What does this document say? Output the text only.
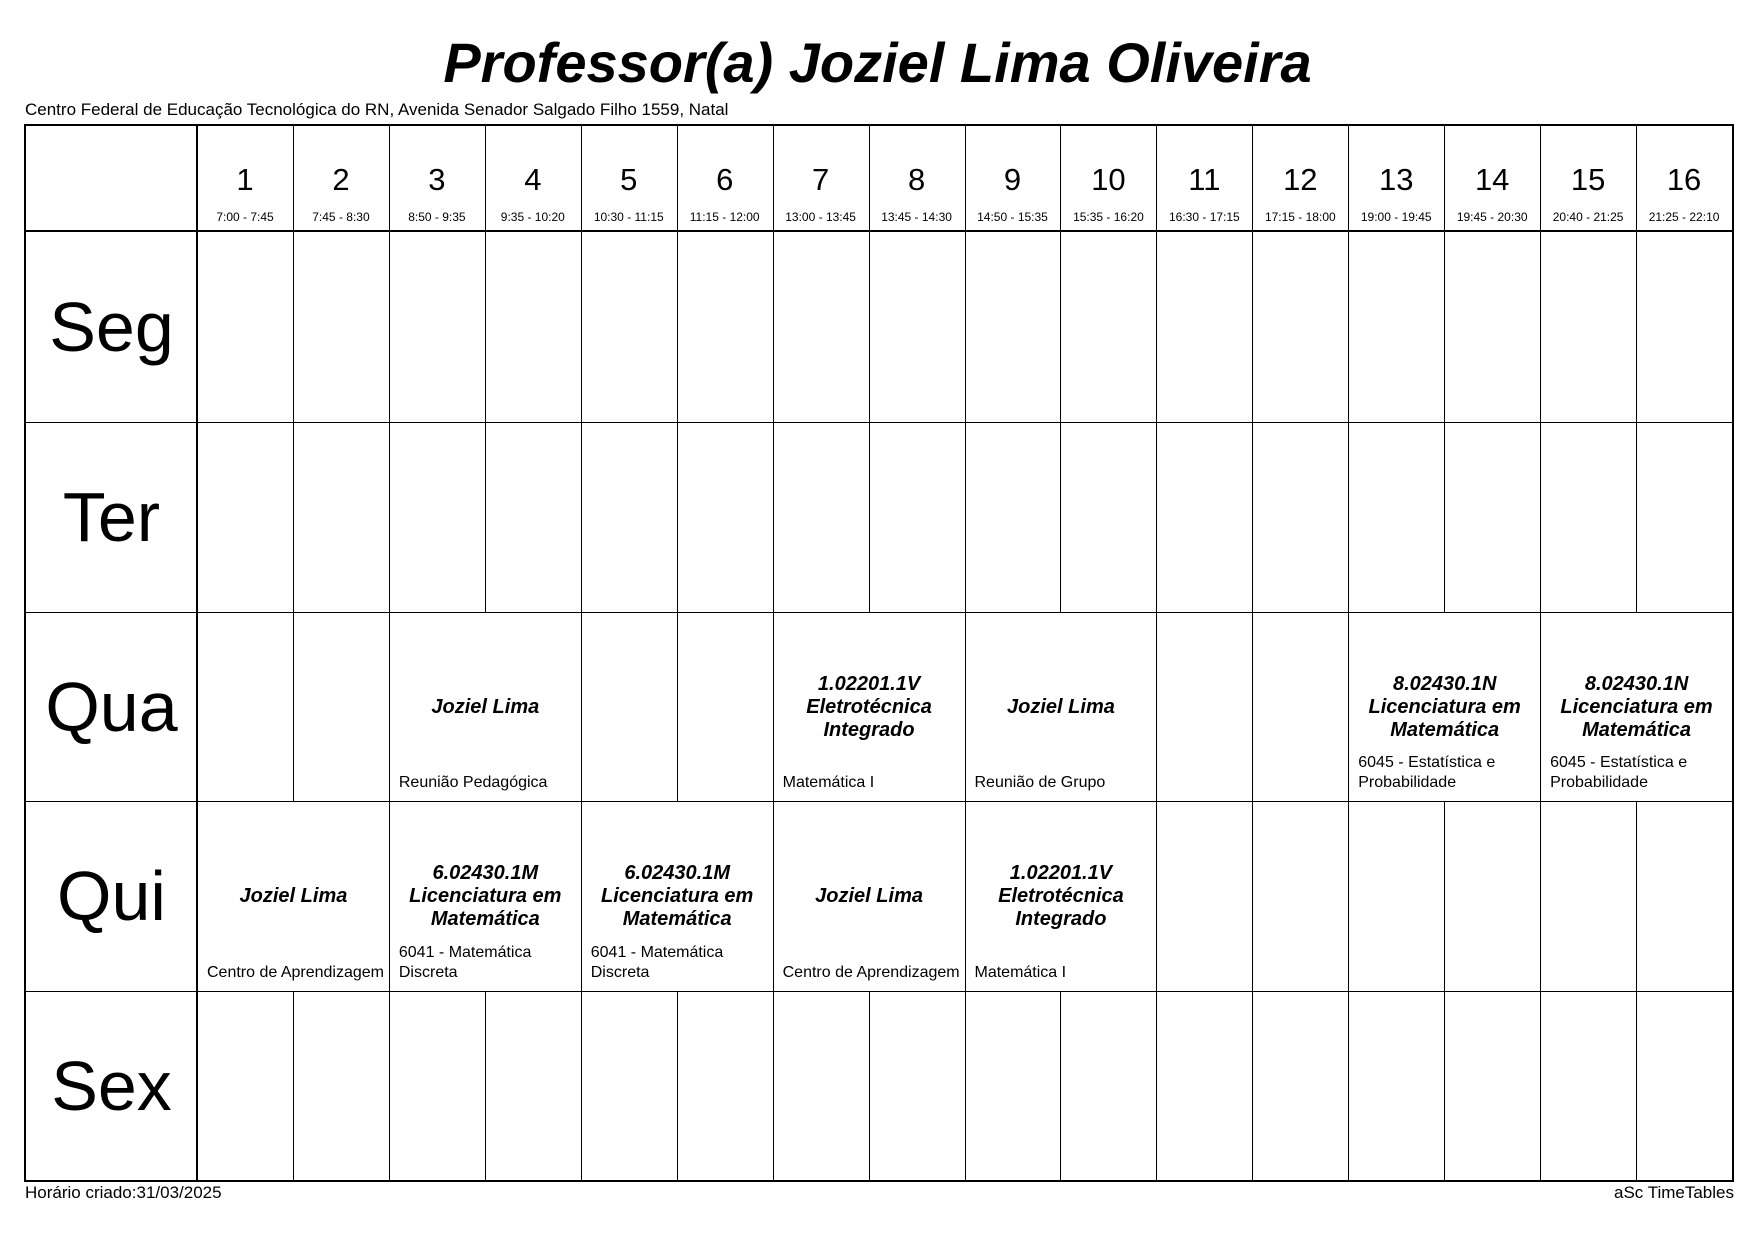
Professor(a) Joziel Lima Oliveira
Centro Federal de Educação Tecnológica do RN, Avenida Senador Salgado Filho 1559, Natal
1
7:00 - 7:45
2
7:45 - 8:30
3
8:50 - 9:35
4
9:35 - 10:20
5
10:30 - 11:15
6
11:15 - 12:00
7
13:00 - 13:45
8
13:45 - 14:30
9
14:50 - 15:35
10
15:35 - 16:20
11
16:30 - 17:15
12
17:15 - 18:00
13
19:00 - 19:45
14
19:45 - 20:30
15
20:40 - 21:25
16
21:25 - 22:10
Seg
Ter
Qua
Qui
Sex
Joziel Lima
Reunião Pedagógica
1.02201.1V
Eletrotécnica
Integrado
Matemática I
Joziel Lima
Reunião de Grupo
8.02430.1N
Licenciatura em
Matemática
6045 - Estatística e Probabilidade
8.02430.1N
Licenciatura em
Matemática
6045 - Estatística e Probabilidade
Joziel Lima
Centro de Aprendizagem
6.02430.1M
Licenciatura em
Matemática
6041 - Matemática Discreta
6.02430.1M
Licenciatura em
Matemática
6041 - Matemática Discreta
Joziel Lima
Centro de Aprendizagem
1.02201.1V
Eletrotécnica
Integrado
Matemática I
Horário criado:31/03/2025	aSc TimeTables
